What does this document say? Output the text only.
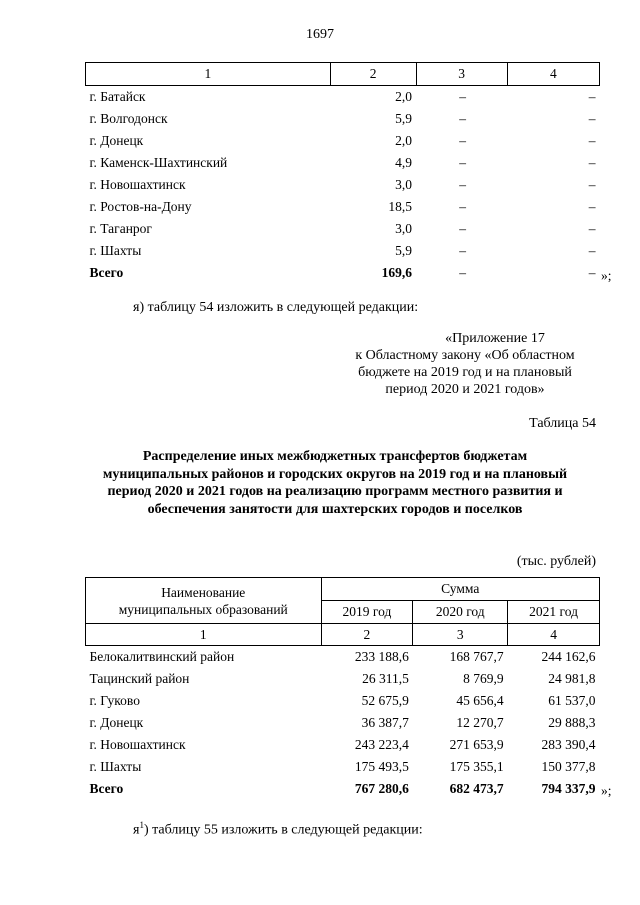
1697
1	2	3	4
г. Батайск	2,0	–	–
г. Волгодонск	5,9	–	–
г. Донецк	2,0	–	–
г. Каменск-Шахтинский	4,9	–	–
г. Новошахтинск	3,0	–	–
г. Ростов-на-Дону	18,5	–	–
г. Таганрог	3,0	–	–
г. Шахты	5,9	–	–
Всего	169,6	–	– »;
я) таблицу 54 изложить в следующей редакции:
«Приложение 17
к Областному закону «Об областном
бюджете на 2019 год и на плановый
период 2020 и 2021 годов»
Таблица 54
Распределение иных межбюджетных трансфертов бюджетам
муниципальных районов и городских округов на 2019 год и на плановый
период 2020 и 2021 годов на реализацию программ местного развития и
обеспечения занятости для шахтерских городов и поселков
(тыс. рублей)
Наименование
муниципальных образований	Сумма		
	2019 год	2020 год	2021 год
1	2	3	4
Белокалитвинский район	233 188,6	168 767,7	244 162,6
Тацинский район	26 311,5	8 769,9	24 981,8
г. Гуково	52 675,9	45 656,4	61 537,0
г. Донецк	36 387,7	12 270,7	29 888,3
г. Новошахтинск	243 223,4	271 653,9	283 390,4
г. Шахты	175 493,5	175 355,1	150 377,8
Всего	767 280,6	682 473,7	794 337,9 »;
$я^1$) таблицу 55 изложить в следующей редакции:
